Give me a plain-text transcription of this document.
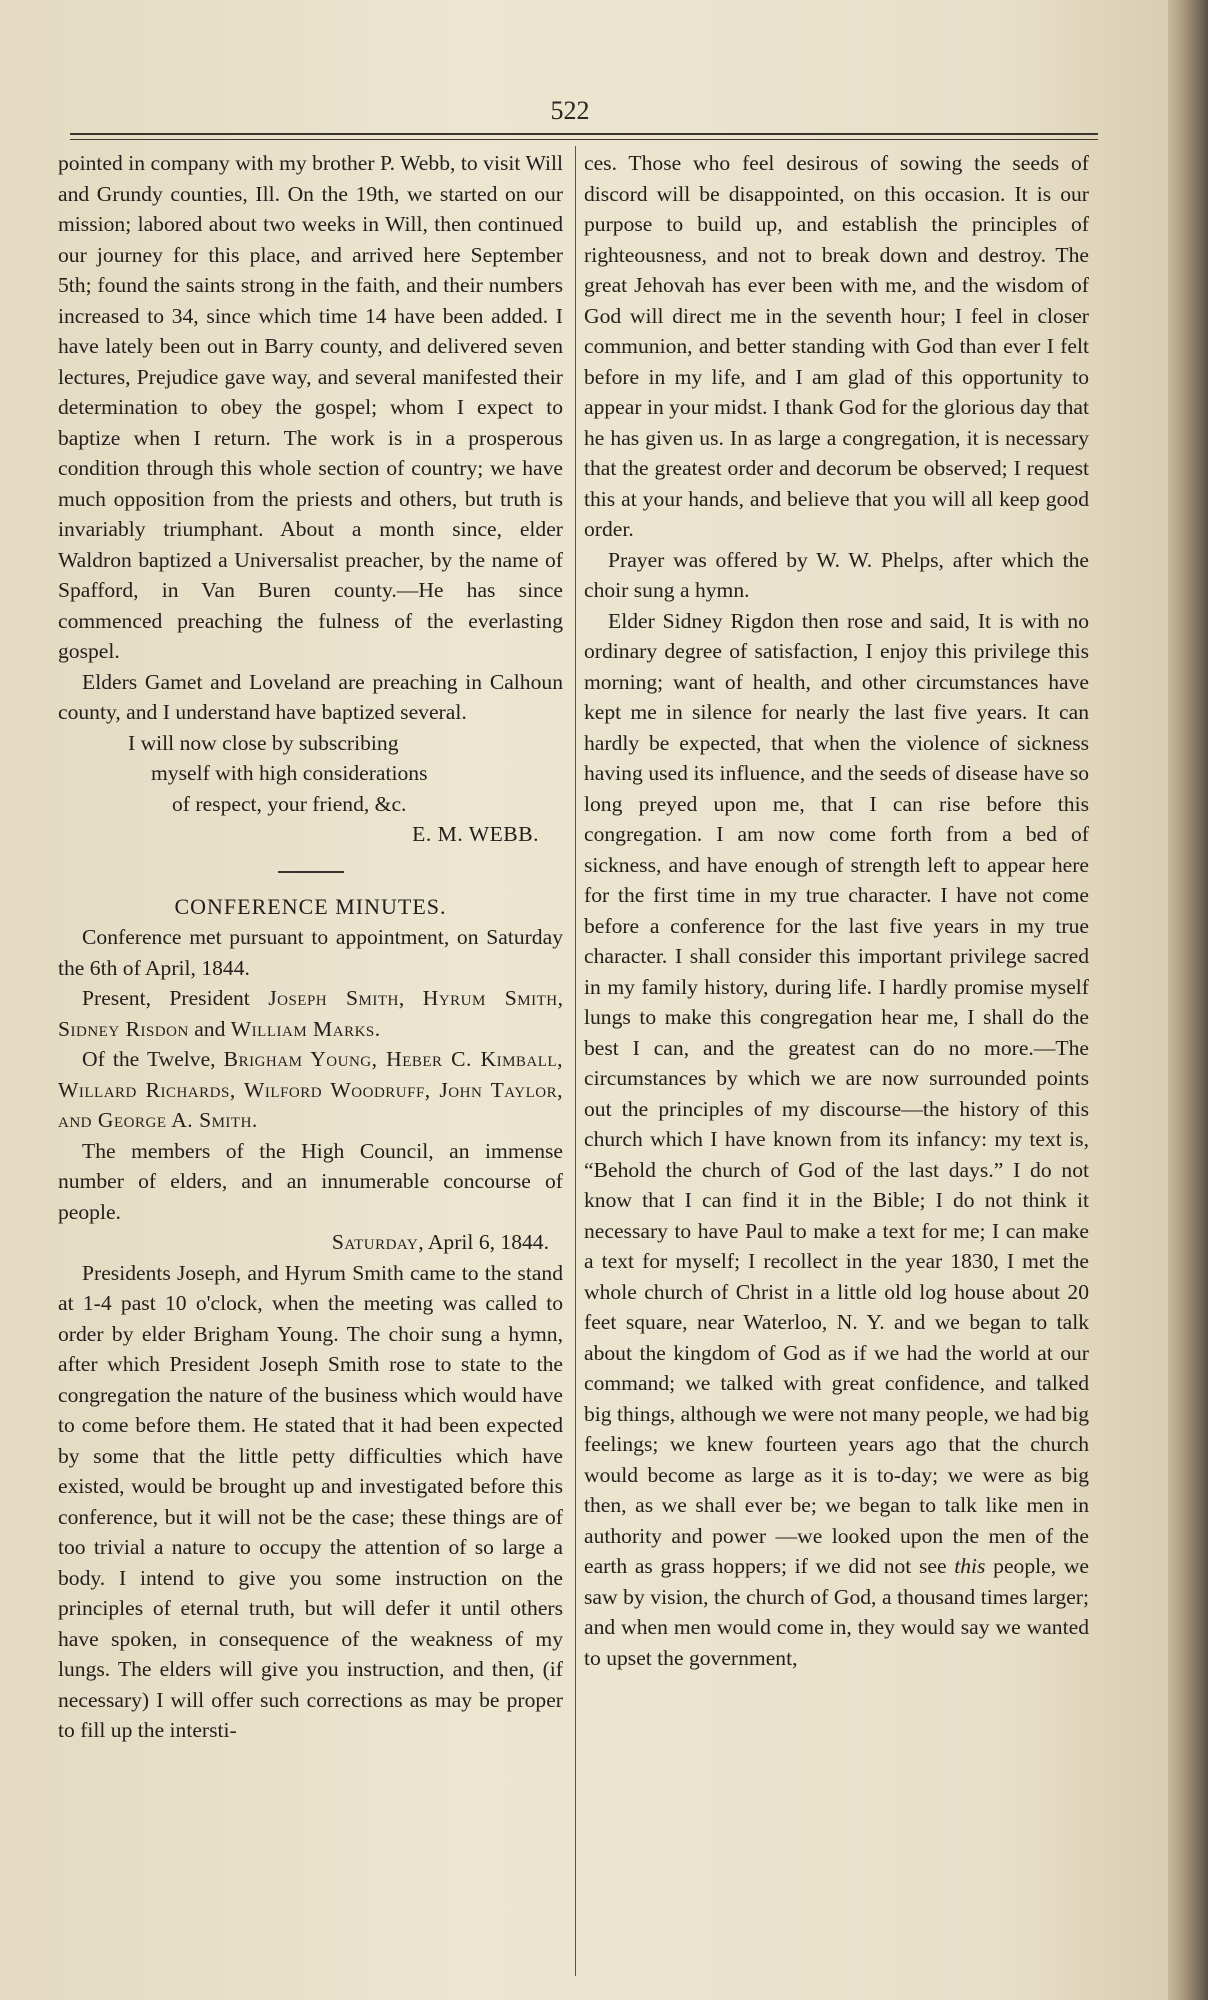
522

pointed in company with my brother P. Webb, to visit Will and Grundy counties, Ill. On the 19th, we started on our mission; labored about two weeks in Will, then continued our journey for this place, and arrived here September 5th; found the saints strong in the faith, and their numbers increased to 34, since which time 14 have been added. I have lately been out in Barry county, and delivered seven lectures, Prejudice gave way, and several manifested their determination to obey the gospel; whom I expect to baptize when I return. The work is in a prosperous condition through this whole section of country; we have much opposition from the priests and others, but truth is invariably triumphant. About a month since, elder Waldron baptized a Universalist preacher, by the name of Spafford, in Van Buren county.—He has since commenced preaching the fulness of the everlasting gospel.

Elders Gamet and Loveland are preaching in Calhoun county, and I understand have baptized several.

I will now close by subscribing
myself with high considerations
of respect, your friend, &c.
E. M. WEBB.
CONFERENCE MINUTES.

Conference met pursuant to appointment, on Saturday the 6th of April, 1844.

Present, President Joseph Smith, Hyrum Smith, Sidney Risdon and William Marks.

Of the Twelve, Brigham Young, Heber C. Kimball, Willard Richards, Wilford Woodruff, John Taylor, and George A. Smith.

The members of the High Council, an immense number of elders, and an innumerable concourse of people.

Saturday, April 6, 1844.

Presidents Joseph, and Hyrum Smith came to the stand at 1-4 past 10 o'clock, when the meeting was called to order by elder Brigham Young. The choir sung a hymn, after which President Joseph Smith rose to state to the congregation the nature of the business which would have to come before them. He stated that it had been expected by some that the little petty difficulties which have existed, would be brought up and investigated before this conference, but it will not be the case; these things are of too trivial a nature to occupy the attention of so large a body. I intend to give you some instruction on the principles of eternal truth, but will defer it until others have spoken, in consequence of the weakness of my lungs. The elders will give you instruction, and then, (if necessary) I will offer such corrections as may be proper to fill up the intersti-

ces. Those who feel desirous of sowing the seeds of discord will be disappointed, on this occasion. It is our purpose to build up, and establish the principles of righteousness, and not to break down and destroy. The great Jehovah has ever been with me, and the wisdom of God will direct me in the seventh hour; I feel in closer communion, and better standing with God than ever I felt before in my life, and I am glad of this opportunity to appear in your midst. I thank God for the glorious day that he has given us. In as large a congregation, it is necessary that the greatest order and decorum be observed; I request this at your hands, and believe that you will all keep good order.

Prayer was offered by W. W. Phelps, after which the choir sung a hymn.

Elder Sidney Rigdon then rose and said, It is with no ordinary degree of satisfaction, I enjoy this privilege this morning; want of health, and other circumstances have kept me in silence for nearly the last five years. It can hardly be expected, that when the violence of sickness having used its influence, and the seeds of disease have so long preyed upon me, that I can rise before this congregation. I am now come forth from a bed of sickness, and have enough of strength left to appear here for the first time in my true character. I have not come before a conference for the last five years in my true character. I shall consider this important privilege sacred in my family history, during life. I hardly promise myself lungs to make this congregation hear me, I shall do the best I can, and the greatest can do no more.—The circumstances by which we are now surrounded points out the principles of my discourse—the history of this church which I have known from its infancy: my text is, “Behold the church of God of the last days.” I do not know that I can find it in the Bible; I do not think it necessary to have Paul to make a text for me; I can make a text for myself; I recollect in the year 1830, I met the whole church of Christ in a little old log house about 20 feet square, near Waterloo, N. Y. and we began to talk about the kingdom of God as if we had the world at our command; we talked with great confidence, and talked big things, although we were not many people, we had big feelings; we knew fourteen years ago that the church would become as large as it is to-day; we were as big then, as we shall ever be; we began to talk like men in authority and power —we looked upon the men of the earth as grass hoppers; if we did not see this people, we saw by vision, the church of God, a thousand times larger; and when men would come in, they would say we wanted to upset the government,
